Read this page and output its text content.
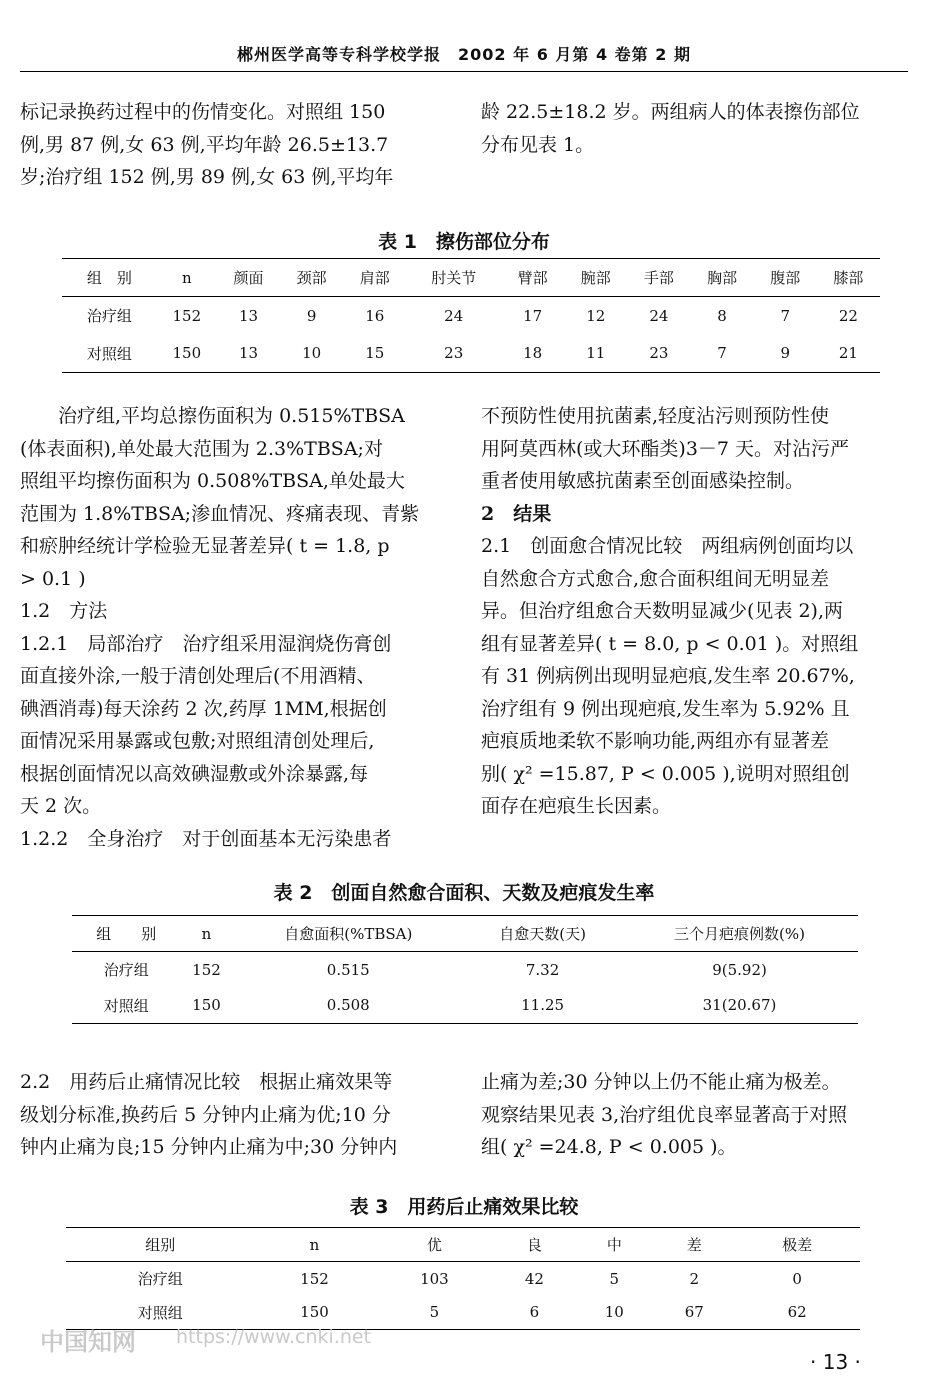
郴州医学高等专科学校学报　2002 年 6 月第 4 卷第 2 期

标记录换药过程中的伤情变化。对照组 150

例,男 87 例,女 63 例,平均年龄 26.5±13.7

岁;治疗组 152 例,男 89 例,女 63 例,平均年

龄 22.5±18.2 岁。两组病人的体表擦伤部位

分布见表 1。

表 1　擦伤部位分布
组　别	n	颜面	颈部	肩部	肘关节	臂部	腕部	手部	胸部	腹部	膝部
治疗组	152	13	9	16	24	17	12	24	8	7	22
对照组	150	13	10	15	23	18	11	23	7	9	21

治疗组,平均总擦伤面积为 0.515%TBSA

(体表面积),单处最大范围为 2.3%TBSA;对

照组平均擦伤面积为 0.508%TBSA,单处最大

范围为 1.8%TBSA;渗血情况、疼痛表现、青紫

和瘀肿经统计学检验无显著差异( t = 1.8, p

> 0.1 )

1.2　方法

1.2.1　局部治疗　治疗组采用湿润烧伤膏创

面直接外涂,一般于清创处理后(不用酒精、

碘酒消毒)每天涂药 2 次,药厚 1MM,根据创

面情况采用暴露或包敷;对照组清创处理后,

根据创面情况以高效碘湿敷或外涂暴露,每

天 2 次。

1.2.2　全身治疗　对于创面基本无污染患者

不预防性使用抗菌素,轻度沾污则预防性使

用阿莫西林(或大环酯类)3－7 天。对沾污严

重者使用敏感抗菌素至创面感染控制。

2　结果

2.1　创面愈合情况比较　两组病例创面均以

自然愈合方式愈合,愈合面积组间无明显差

异。但治疗组愈合天数明显减少(见表 2),两

组有显著差异( t = 8.0, p < 0.01 )。对照组

有 31 例病例出现明显疤痕,发生率 20.67%,

治疗组有 9 例出现疤痕,发生率为 5.92% 且

疤痕质地柔软不影响功能,两组亦有显著差

别( χ² =15.87, P < 0.005 ),说明对照组创

面存在疤痕生长因素。

表 2　创面自然愈合面积、天数及疤痕发生率
组　　别	n	自愈面积(%TBSA)	自愈天数(天)	三个月疤痕例数(%)
治疗组	152	0.515	7.32	9(5.92)
对照组	150	0.508	11.25	31(20.67)

2.2　用药后止痛情况比较　根据止痛效果等

级划分标准,换药后 5 分钟内止痛为优;10 分

钟内止痛为良;15 分钟内止痛为中;30 分钟内

止痛为差;30 分钟以上仍不能止痛为极差。

观察结果见表 3,治疗组优良率显著高于对照

组( χ² =24.8, P < 0.005 )。

表 3　用药后止痛效果比较
组别	n	优	良	中	差	极差
治疗组	152	103	42	5	2	0
对照组	150	5	6	10	67	62
中国知网 https://www.cnki.net
· 13 ·
